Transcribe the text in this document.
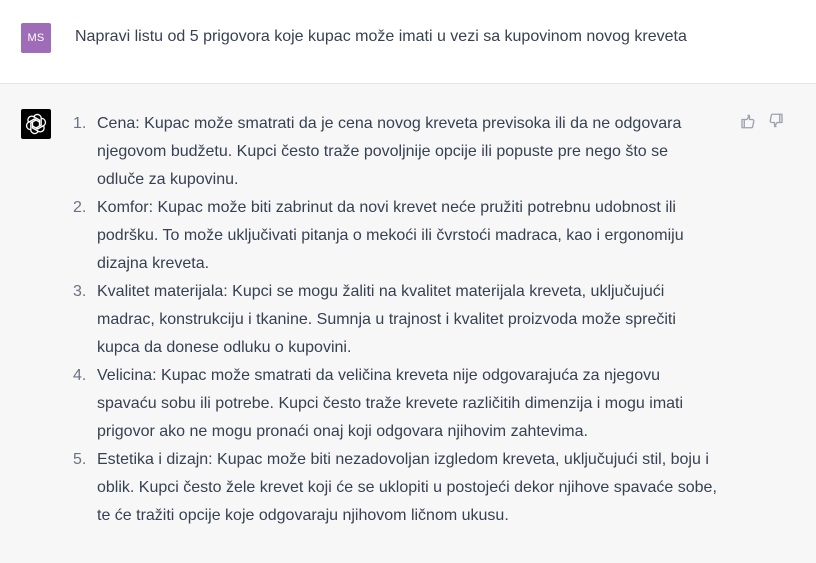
MS	Napravi listu od 5 prigovora koje kupac može imati u vezi sa kupovinom novog kreveta
1. Cena: Kupac može smatrati da je cena novog kreveta previsoka ili da ne odgovara
njegovom budžetu. Kupci često traže povoljnije opcije ili popuste pre nego što se
odluče za kupovinu.
2. Komfor: Kupac može biti zabrinut da novi krevet neće pružiti potrebnu udobnost ili
podršku. To može uključivati pitanja o mekoći ili čvrstoći madraca, kao i ergonomiju
dizajna kreveta.
3. Kvalitet materijala: Kupci se mogu žaliti na kvalitet materijala kreveta, uključujući
madrac, konstrukciju i tkanine. Sumnja u trajnost i kvalitet proizvoda može sprečiti
kupca da donese odluku o kupovini.
4. Velicina: Kupac može smatrati da veličina kreveta nije odgovarajuća za njegovu
spavaću sobu ili potrebe. Kupci često traže krevete različitih dimenzija i mogu imati
prigovor ako ne mogu pronaći onaj koji odgovara njihovim zahtevima.
5. Estetika i dizajn: Kupac može biti nezadovoljan izgledom kreveta, uključujući stil, boju i
oblik. Kupci često žele krevet koji će se uklopiti u postojeći dekor njihove spavaće sobe,
te će tražiti opcije koje odgovaraju njihovom ličnom ukusu.
